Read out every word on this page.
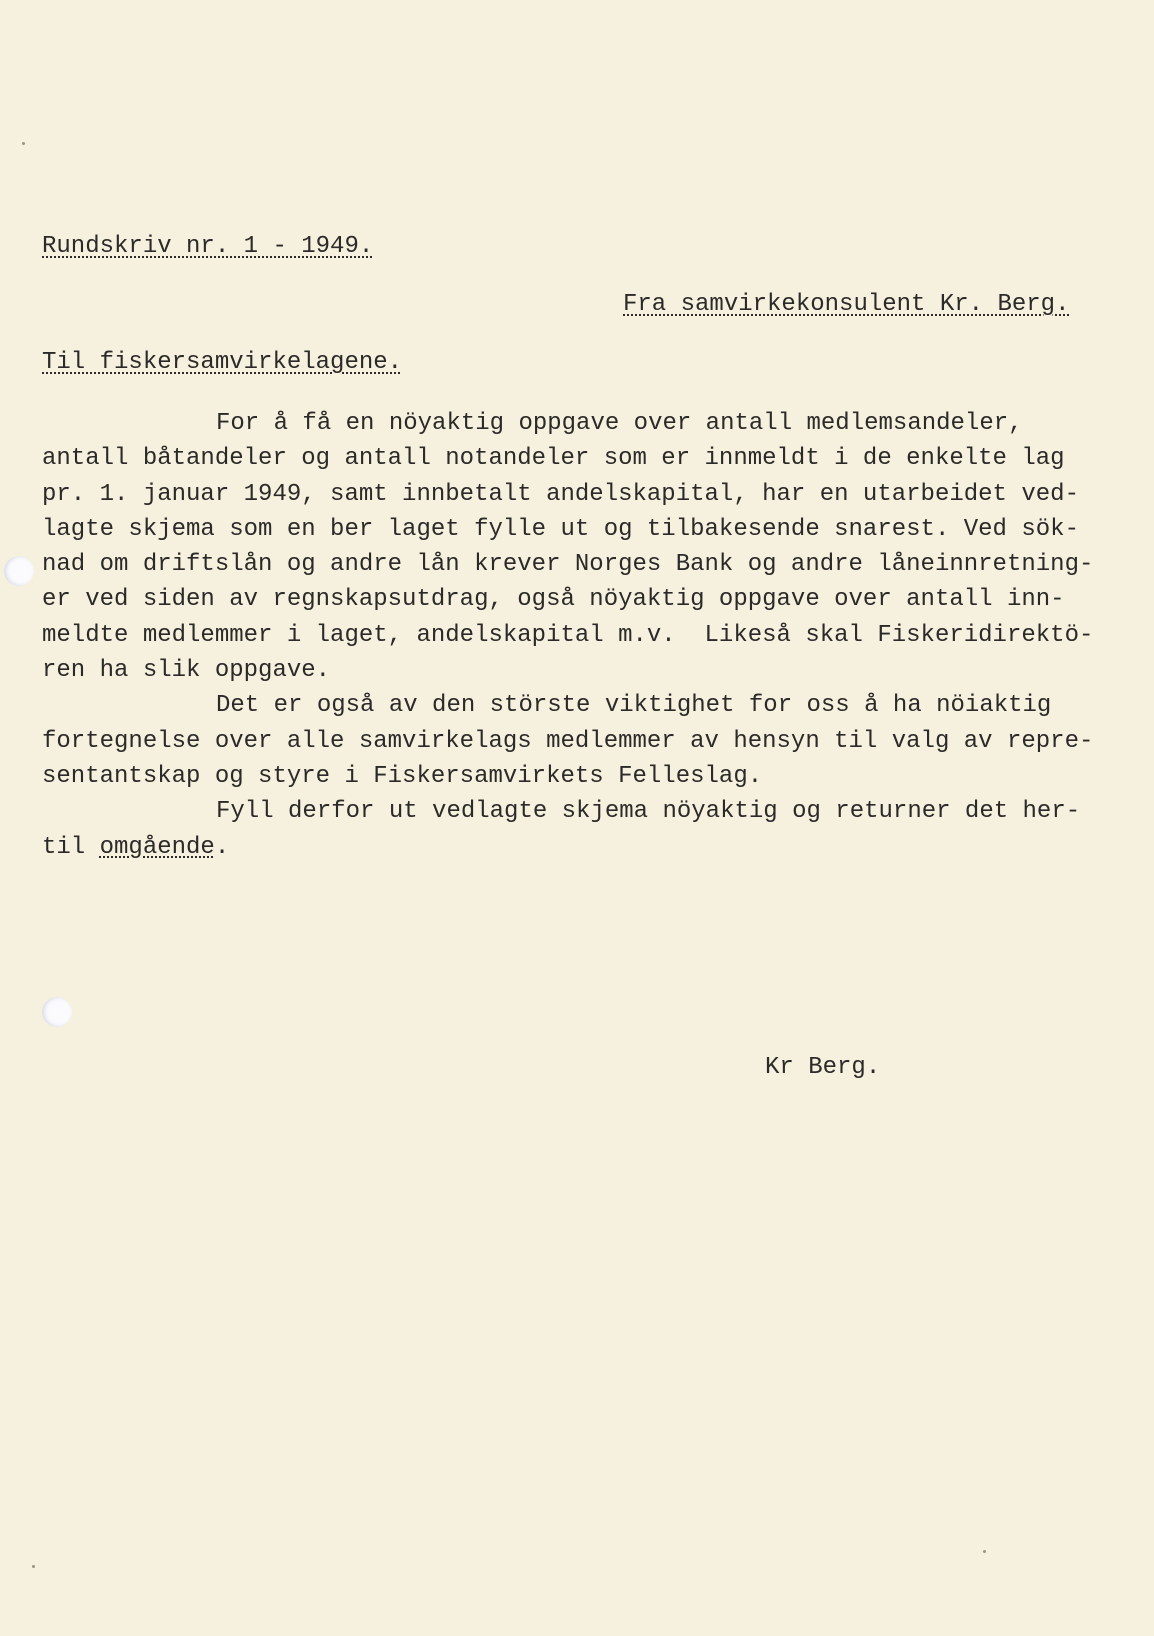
Rundskriv nr. 1 - 1949.
Fra samvirkekonsulent Kr. Berg.
Til fiskersamvirkelagene.
For å få en nöyaktig oppgave over antall medlemsandeler,
antall båtandeler og antall notandeler som er innmeldt i de enkelte lag
pr. 1. januar 1949, samt innbetalt andelskapital, har en utarbeidet ved-
lagte skjema som en ber laget fylle ut og tilbakesende snarest. Ved sök-
nad om driftslån og andre lån krever Norges Bank og andre låneinnretning-
er ved siden av regnskapsutdrag, også nöyaktig oppgave over antall inn-
meldte medlemmer i laget, andelskapital m.v.  Likeså skal Fiskeridirektö-
ren ha slik oppgave.
Det er også av den störste viktighet for oss å ha nöiaktig
fortegnelse over alle samvirkelags medlemmer av hensyn til valg av repre-
sentantskap og styre i Fiskersamvirkets Felleslag.
Fyll derfor ut vedlagte skjema nöyaktig og returner det her-
til omgående.
Kr Berg.
